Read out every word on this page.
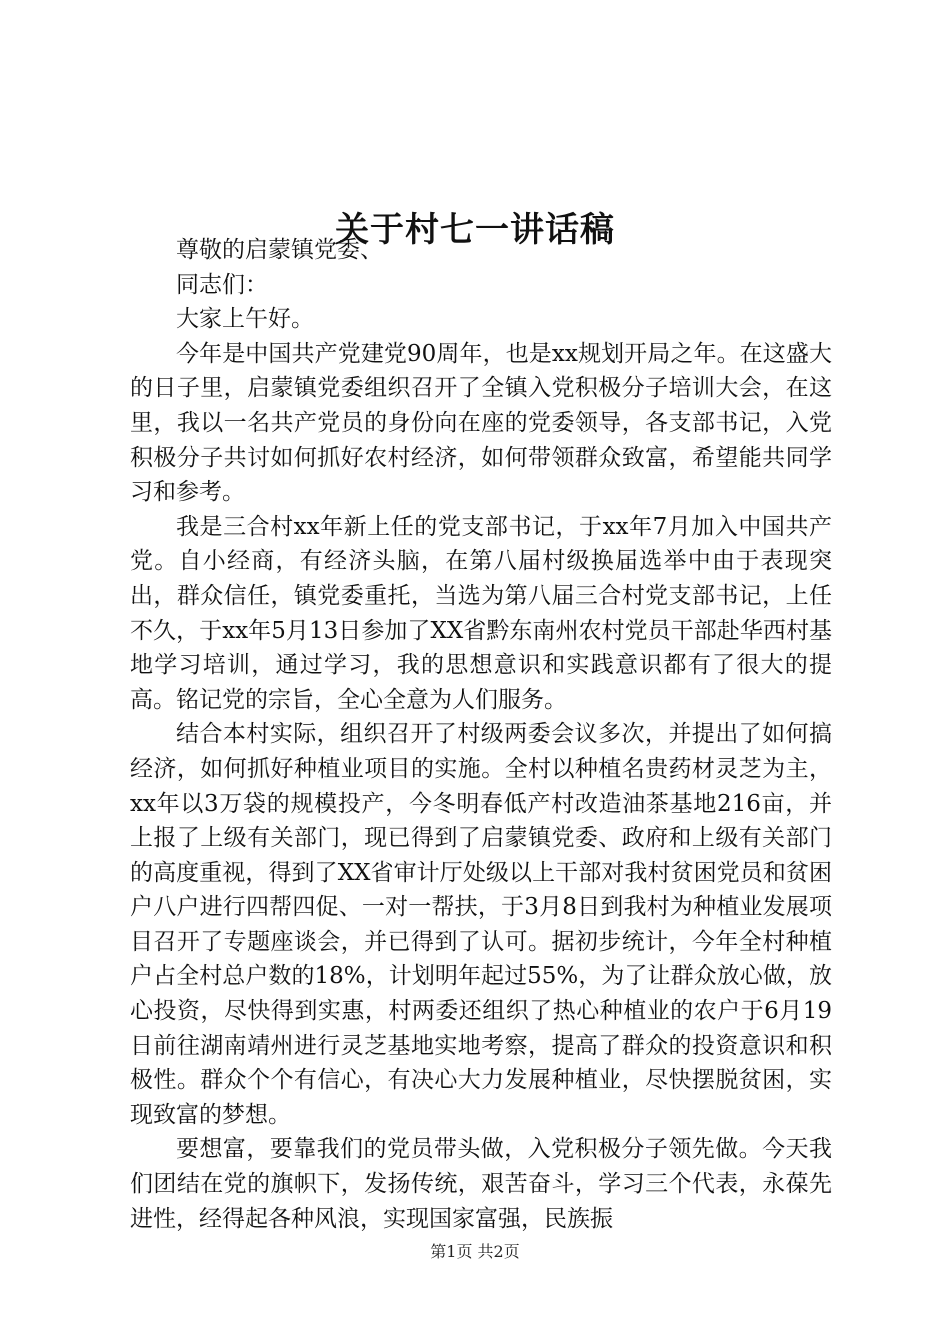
关于村七一讲话稿

尊敬的启蒙镇党委、

同志们：

大家上午好。

今年是中国共产党建党90周年，也是xx规划开局之年。在这盛大的日子里，启蒙镇党委组织召开了全镇入党积极分子培训大会，在这里，我以一名共产党员的身份向在座的党委领导，各支部书记，入党积极分子共讨如何抓好农村经济，如何带领群众致富，希望能共同学习和参考。

我是三合村xx年新上任的党支部书记，于xx年7月加入中国共产党。自小经商，有经济头脑，在第八届村级换届选举中由于表现突出，群众信任，镇党委重托，当选为第八届三合村党支部书记，上任不久，于xx年5月13日参加了XX省黔东南州农村党员干部赴华西村基地学习培训，通过学习，我的思想意识和实践意识都有了很大的提高。铭记党的宗旨，全心全意为人们服务。

结合本村实际，组织召开了村级两委会议多次，并提出了如何搞经济，如何抓好种植业项目的实施。全村以种植名贵药材灵芝为主，xx年以3万袋的规模投产，今冬明春低产村改造油茶基地216亩，并上报了上级有关部门，现已得到了启蒙镇党委、政府和上级有关部门的高度重视，得到了XX省审计厅处级以上干部对我村贫困党员和贫困户八户进行四帮四促、一对一帮扶，于3月8日到我村为种植业发展项目召开了专题座谈会，并已得到了认可。据初步统计，今年全村种植户占全村总户数的18%，计划明年起过55%，为了让群众放心做，放心投资，尽快得到实惠，村两委还组织了热心种植业的农户于6月19日前往湖南靖州进行灵芝基地实地考察，提高了群众的投资意识和积极性。群众个个有信心，有决心大力发展种植业，尽快摆脱贫困，实现致富的梦想。

要想富，要靠我们的党员带头做，入党积极分子领先做。今天我们团结在党的旗帜下，发扬传统，艰苦奋斗，学习三个代表，永葆先进性，经得起各种风浪，实现国家富强，民族振

第1页 共2页
